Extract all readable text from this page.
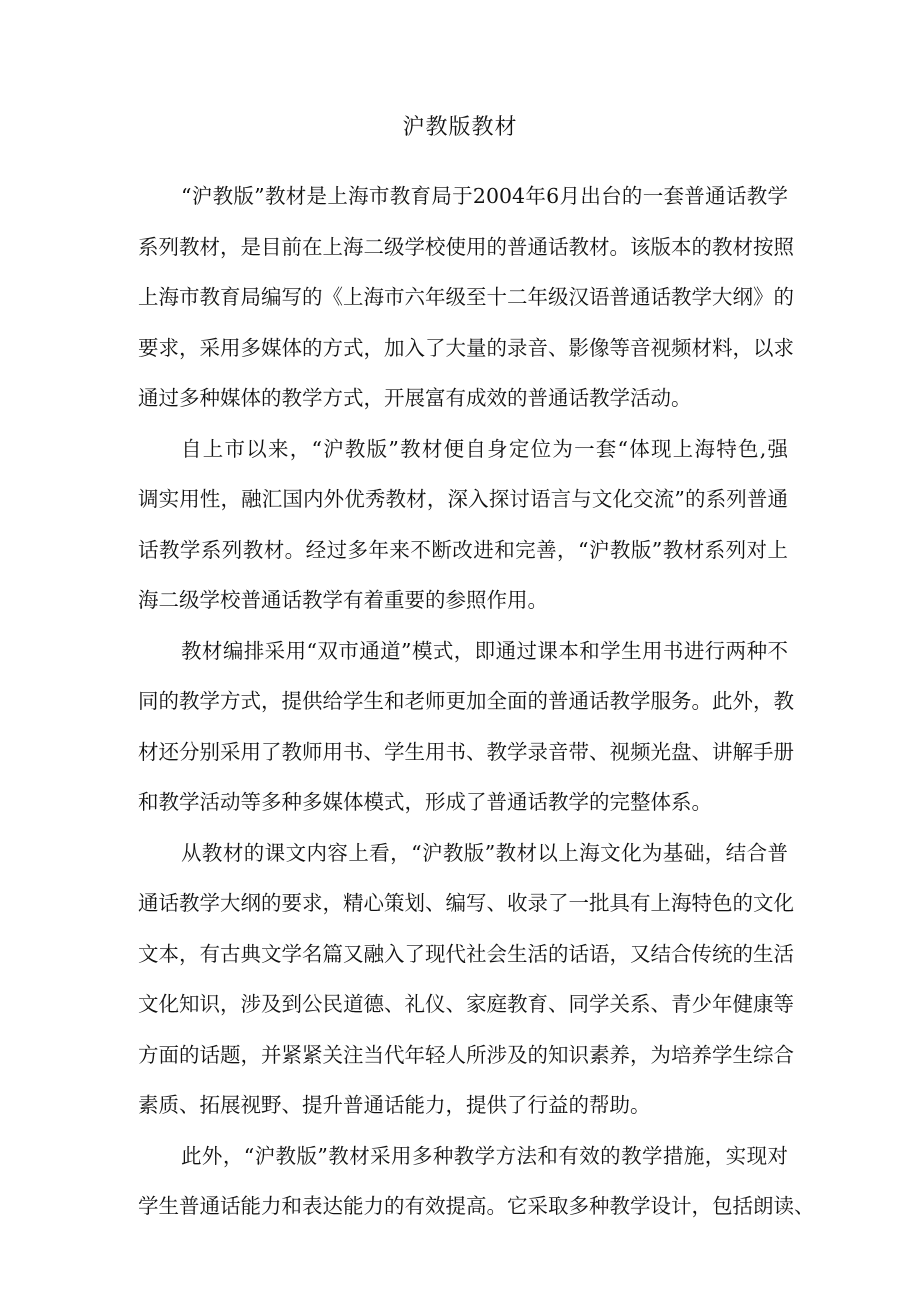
沪教版教材
“沪教版”教材是上海市教育局于2004年6月出台的一套普通话教学
系列教材，是目前在上海二级学校使用的普通话教材。该版本的教材按照
上海市教育局编写的《上海市六年级至十二年级汉语普通话教学大纲》的
要求，采用多媒体的方式，加入了大量的录音、影像等音视频材料，以求
通过多种媒体的教学方式，开展富有成效的普通话教学活动。
自上市以来，“沪教版”教材便自身定位为一套“体现上海特色,强
调实用性，融汇国内外优秀教材，深入探讨语言与文化交流”的系列普通
话教学系列教材。经过多年来不断改进和完善，“沪教版”教材系列对上
海二级学校普通话教学有着重要的参照作用。
教材编排采用“双市通道”模式，即通过课本和学生用书进行两种不
同的教学方式，提供给学生和老师更加全面的普通话教学服务。此外，教
材还分别采用了教师用书、学生用书、教学录音带、视频光盘、讲解手册
和教学活动等多种多媒体模式，形成了普通话教学的完整体系。
从教材的课文内容上看，“沪教版”教材以上海文化为基础，结合普
通话教学大纲的要求，精心策划、编写、收录了一批具有上海特色的文化
文本，有古典文学名篇又融入了现代社会生活的话语，又结合传统的生活
文化知识，涉及到公民道德、礼仪、家庭教育、同学关系、青少年健康等
方面的话题，并紧紧关注当代年轻人所涉及的知识素养，为培养学生综合
素质、拓展视野、提升普通话能力，提供了行益的帮助。
此外，“沪教版”教材采用多种教学方法和有效的教学措施，实现对
学生普通话能力和表达能力的有效提高。它采取多种教学设计，包括朗读、
